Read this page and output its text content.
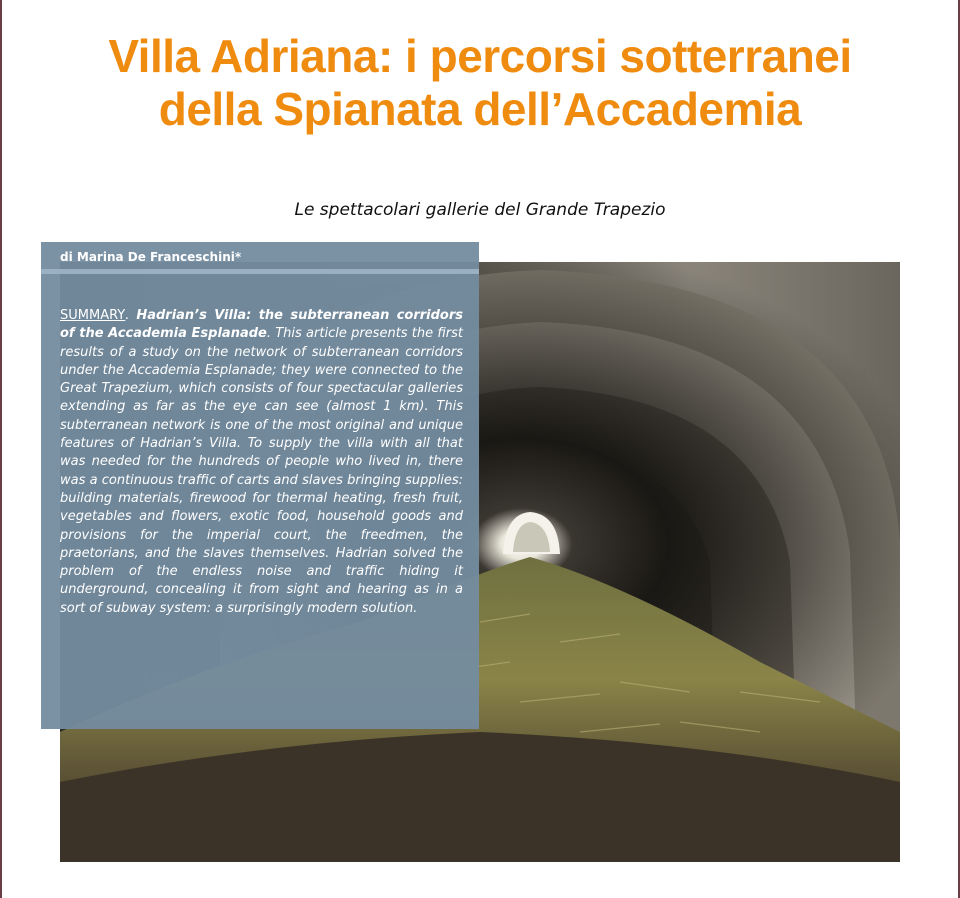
Villa Adriana: i percorsi sotterranei
della Spianata dell’Accademia
Le spettacolari gallerie del Grande Trapezio
di Marina De Franceschini*
SUMMARY. Hadrian’s Villa: the subterranean corridors of the Accademia Esplanade. This article presents the first results of a study on the network of subterranean corridors under the Accademia Esplanade; they were connected to the Great Trapezium, which consists of four spectacular galleries extending as far as the eye can see (almost 1 km). This subterranean network is one of the most original and unique features of Hadrian’s Villa. To supply the villa with all that was needed for the hundreds of people who lived in, there was a continuous traffic of carts and slaves bringing supplies: building materials, firewood for thermal heating, fresh fruit, vegetables and flowers, exotic food, household goods and provisions for the imperial court, the freedmen, the praetorians, and the slaves themselves. Hadrian solved the problem of the endless noise and traffic hiding it underground, concealing it from sight and hearing as in a sort of subway system: a surprisingly modern solution.
